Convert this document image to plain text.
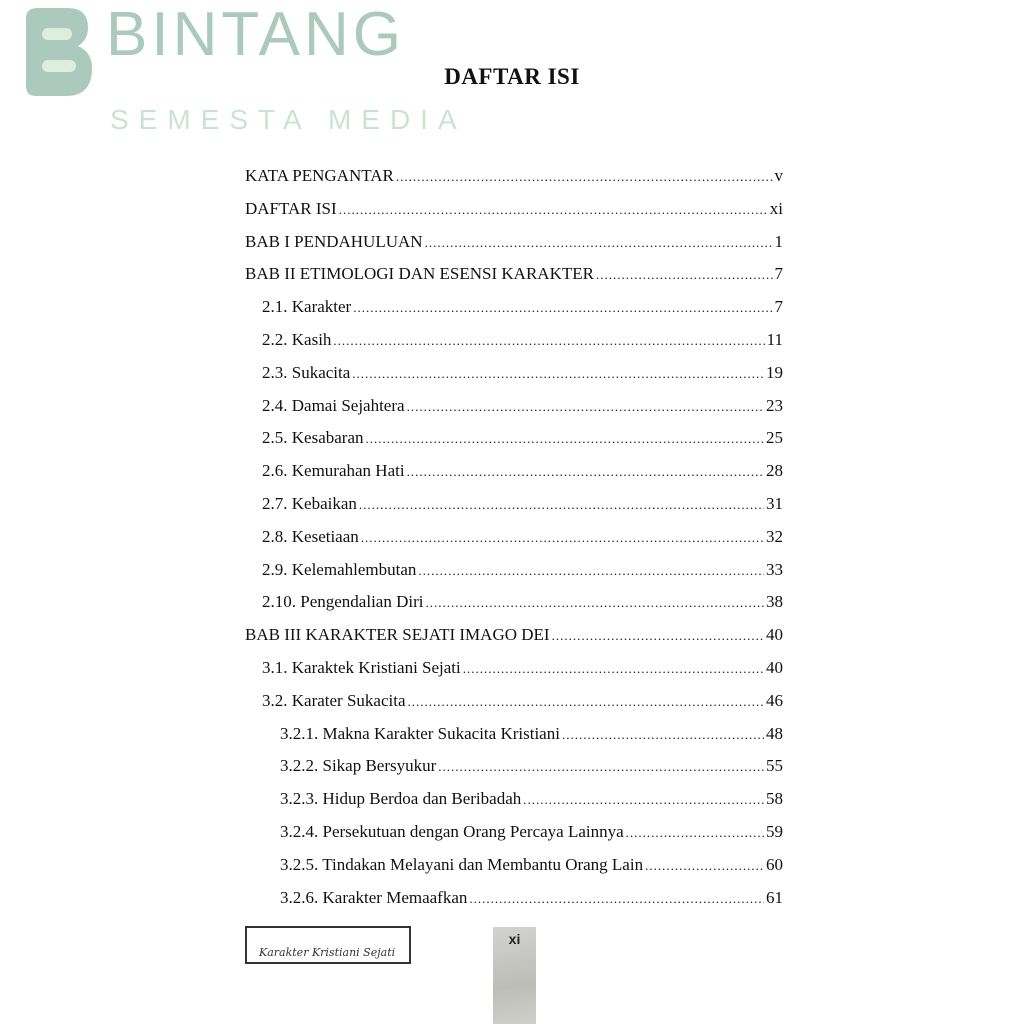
DAFTAR ISI
KATA PENGANTAR .....	v
DAFTAR ISI .....	xi
BAB I PENDAHULUAN .....	1
BAB II ETIMOLOGI DAN ESENSI KARAKTER .....	7
2.1. Karakter .....	7
2.2. Kasih .....	11
2.3. Sukacita .....	19
2.4. Damai Sejahtera .....	23
2.5. Kesabaran .....	25
2.6. Kemurahan Hati .....	28
2.7. Kebaikan .....	31
2.8. Kesetiaan .....	32
2.9. Kelemahlembutan .....	33
2.10. Pengendalian Diri .....	38
BAB III KARAKTER SEJATI IMAGO DEI .....	40
3.1. Karaktek Kristiani Sejati .....	40
3.2. Karater Sukacita .....	46
3.2.1. Makna Karakter Sukacita Kristiani .....	48
3.2.2. Sikap Bersyukur .....	55
3.2.3. Hidup Berdoa dan Beribadah .....	58
3.2.4. Persekutuan dengan Orang Percaya Lainnya .....	59
3.2.5. Tindakan Melayani dan Membantu Orang Lain .....	60
3.2.6. Karakter Memaafkan .....	61
BINTANG
SEMESTA MEDIA
Karakter Kristiani Sejati
xi
